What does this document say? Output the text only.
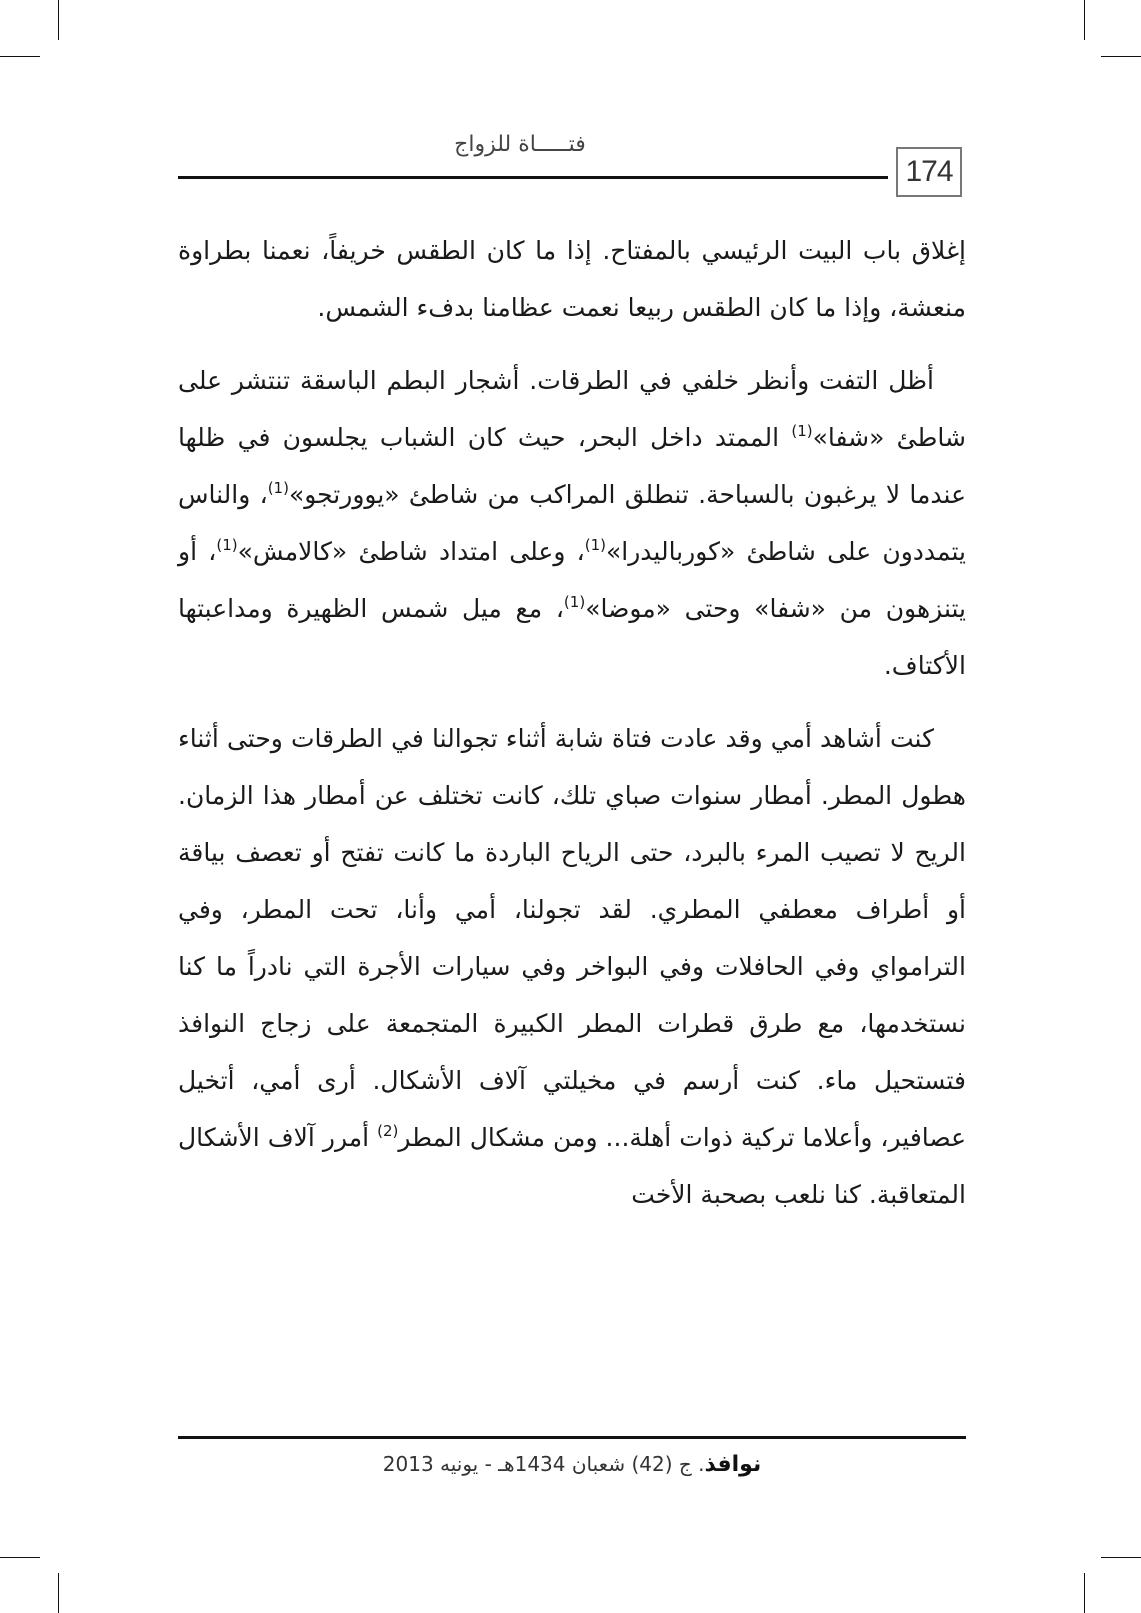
فتـــــاة للزواج
174

إغلاق باب البيت الرئيسي بالمفتاح. إذا ما كان الطقس خريفاً، نعمنا بطراوة منعشة، وإذا ما كان الطقس ربيعا نعمت عظامنا بدفء الشمس.

أظل التفت وأنظر خلفي في الطرقات. أشجار البطم الباسقة تنتشر على شاطئ «شفا»$^{(1)}$ الممتد داخل البحر، حيث كان الشباب يجلسون في ظلها عندما لا يرغبون بالسباحة. تنطلق المراكب من شاطئ «يوورتجو»$^{(1)}$، والناس يتمددون على شاطئ «كورباليدرا»$^{(1)}$، وعلى امتداد شاطئ «كالامش»$^{(1)}$، أو يتنزهون من «شفا» وحتى «موضا»$^{(1)}$، مع ميل شمس الظهيرة ومداعبتها الأكتاف.

كنت أشاهد أمي وقد عادت فتاة شابة أثناء تجوالنا في الطرقات وحتى أثناء هطول المطر. أمطار سنوات صباي تلك، كانت تختلف عن أمطار هذا الزمان. الريح لا تصيب المرء بالبرد، حتى الرياح الباردة ما كانت تفتح أو تعصف بياقة أو أطراف معطفي المطري. لقد تجولنا، أمي وأنا، تحت المطر، وفي الترامواي وفي الحافلات وفي البواخر وفي سيارات الأجرة التي نادراً ما كنا نستخدمها، مع طرق قطرات المطر الكبيرة المتجمعة على زجاج النوافذ فتستحيل ماء. كنت أرسم في مخيلتي آلاف الأشكال. أرى أمي، أتخيل عصافير، وأعلاما تركية ذوات أهلة... ومن مشكال المطر$^{(2)}$ أمرر آلاف الأشكال المتعاقبة. كنا نلعب بصحبة الأخت

نوافذ. ج (42) شعبان 1434هـ - يونيه 2013
